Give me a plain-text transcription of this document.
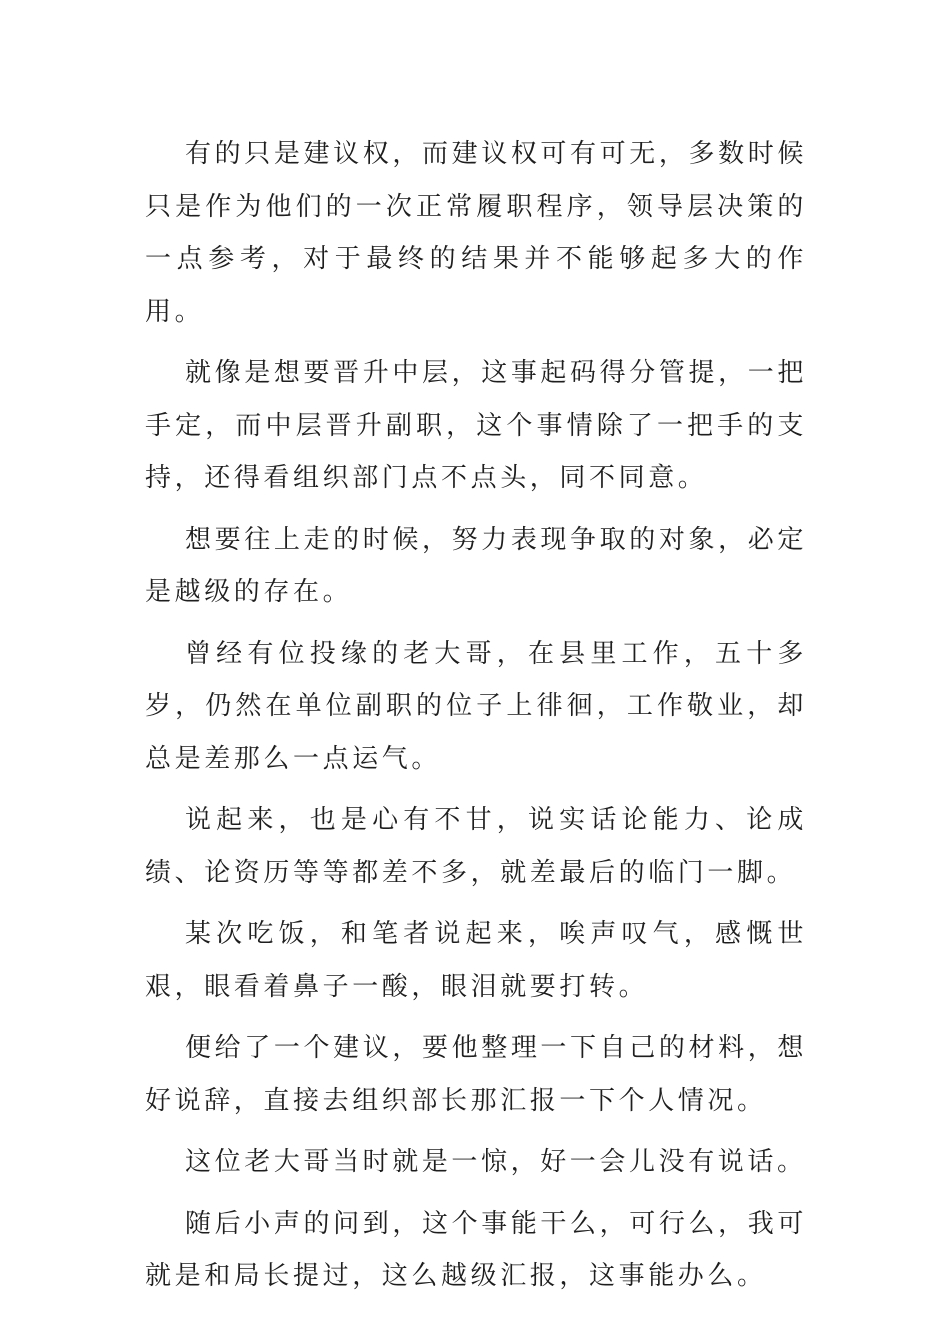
有的只是建议权，而建议权可有可无，多数时候只是作为他们的一次正常履职程序，领导层决策的一点参考，对于最终的结果并不能够起多大的作用。

就像是想要晋升中层，这事起码得分管提，一把手定，而中层晋升副职，这个事情除了一把手的支持，还得看组织部门点不点头，同不同意。

想要往上走的时候，努力表现争取的对象，必定是越级的存在。

曾经有位投缘的老大哥，在县里工作，五十多岁，仍然在单位副职的位子上徘徊，工作敬业，却总是差那么一点运气。

说起来，也是心有不甘，说实话论能力、论成绩、论资历等等都差不多，就差最后的临门一脚。

某次吃饭，和笔者说起来，唉声叹气，感慨世艰，眼看着鼻子一酸，眼泪就要打转。

便给了一个建议，要他整理一下自己的材料，想好说辞，直接去组织部长那汇报一下个人情况。

这位老大哥当时就是一惊，好一会儿没有说话。

随后小声的问到，这个事能干么，可行么，我可就是和局长提过，这么越级汇报，这事能办么。
